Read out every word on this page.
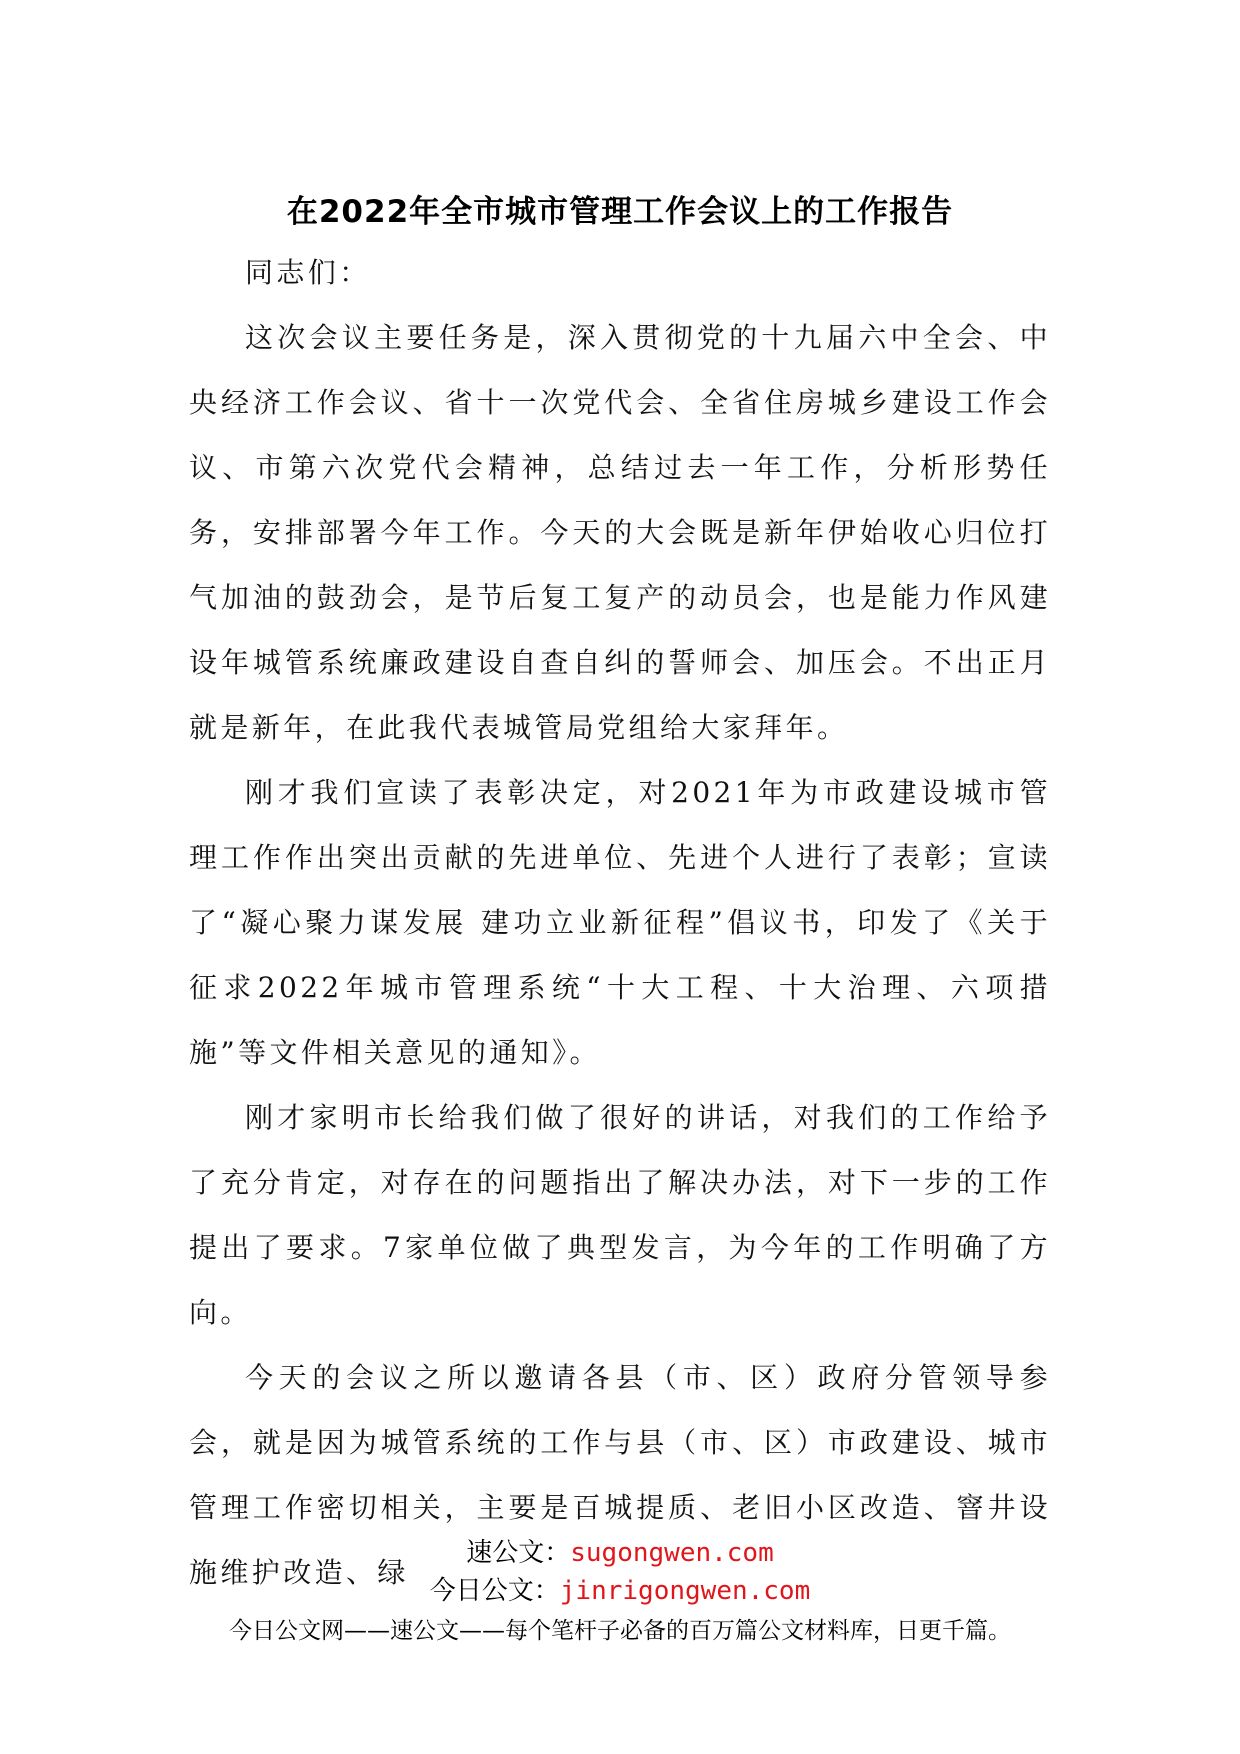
在2022年全市城市管理工作会议上的工作报告

同志们：

这次会议主要任务是，深入贯彻党的十九届六中全会、中央经济工作会议、省十一次党代会、全省住房城乡建设工作会议、市第六次党代会精神，总结过去一年工作，分析形势任务，安排部署今年工作。今天的大会既是新年伊始收心归位打气加油的鼓劲会，是节后复工复产的动员会，也是能力作风建设年城管系统廉政建设自查自纠的誓师会、加压会。不出正月就是新年，在此我代表城管局党组给大家拜年。

刚才我们宣读了表彰决定，对2021年为市政建设城市管理工作作出突出贡献的先进单位、先进个人进行了表彰；宣读了“凝心聚力谋发展 建功立业新征程”倡议书，印发了《关于征求2022年城市管理系统“十大工程、十大治理、六项措施”等文件相关意见的通知》。

刚才家明市长给我们做了很好的讲话，对我们的工作给予了充分肯定，对存在的问题指出了解决办法，对下一步的工作提出了要求。7家单位做了典型发言，为今年的工作明确了方向。

今天的会议之所以邀请各县（市、区）政府分管领导参会，就是因为城管系统的工作与县（市、区）市政建设、城市管理工作密切相关，主要是百城提质、老旧小区改造、窨井设施维护改造、绿

速公文：sugongwen.com
今日公文：jinrigongwen.com
今日公文网——速公文——每个笔杆子必备的百万篇公文材料库，日更千篇。
